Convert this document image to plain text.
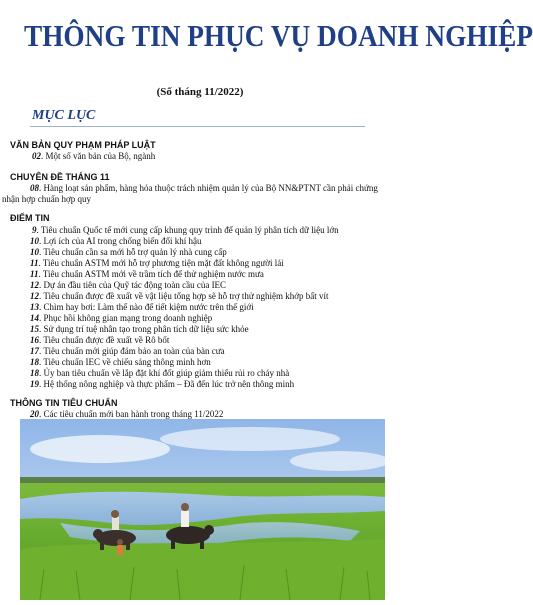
THÔNG TIN PHỤC VỤ DOANH NGHIỆP
(Số tháng 11/2022)
MỤC LỤC
VĂN BẢN QUY PHẠM PHÁP LUẬT
02. Một số văn bản của Bộ, ngành
CHUYÊN ĐỀ THÁNG 11
08. Hàng loạt sản phẩm, hàng hóa thuộc trách nhiệm quản lý của Bộ NN&PTNT cần phải chứng
nhận hợp chuẩn hợp quy
ĐIỂM TIN
9. Tiêu chuẩn Quốc tế mới cung cấp khung quy trình để quản lý phân tích dữ liệu lớn
10. Lợi ích của AI trong chống biến đổi khí hậu
10. Tiêu chuẩn cần sa mới hỗ trợ quản lý nhà cung cấp
11. Tiêu chuẩn ASTM mới hỗ trợ phương tiện mặt đất không người lái
11. Tiêu chuẩn ASTM mới về trầm tích để thử nghiệm nước mưa
12. Dự án đầu tiên của Quỹ tác động toàn cầu của IEC
12. Tiêu chuẩn được đề xuất về vật liệu tổng hợp sẽ hỗ trợ thử nghiệm khớp bất vít
13. Chìm hay bơi: Làm thế nào để tiết kiệm nước trên thế giới
14. Phục hồi không gian mạng trong doanh nghiệp
15. Sử dụng trí tuệ nhân tạo trong phân tích dữ liệu sức khỏe
16. Tiêu chuẩn được đề xuất về Rô bốt
17. Tiêu chuẩn mới giúp đảm bảo an toàn của bàn cưa
18. Tiêu chuẩn IEC về chiếu sáng thông minh hơn
18. Ủy ban tiêu chuẩn về lắp đặt khí đốt giúp giảm thiểu rủi ro cháy nhà
19. Hệ thống nông nghiệp và thực phẩm – Đã đến lúc trở nên thông minh
THÔNG TIN TIÊU CHUẨN
20. Các tiêu chuẩn mới ban hành trong tháng 11/2022
